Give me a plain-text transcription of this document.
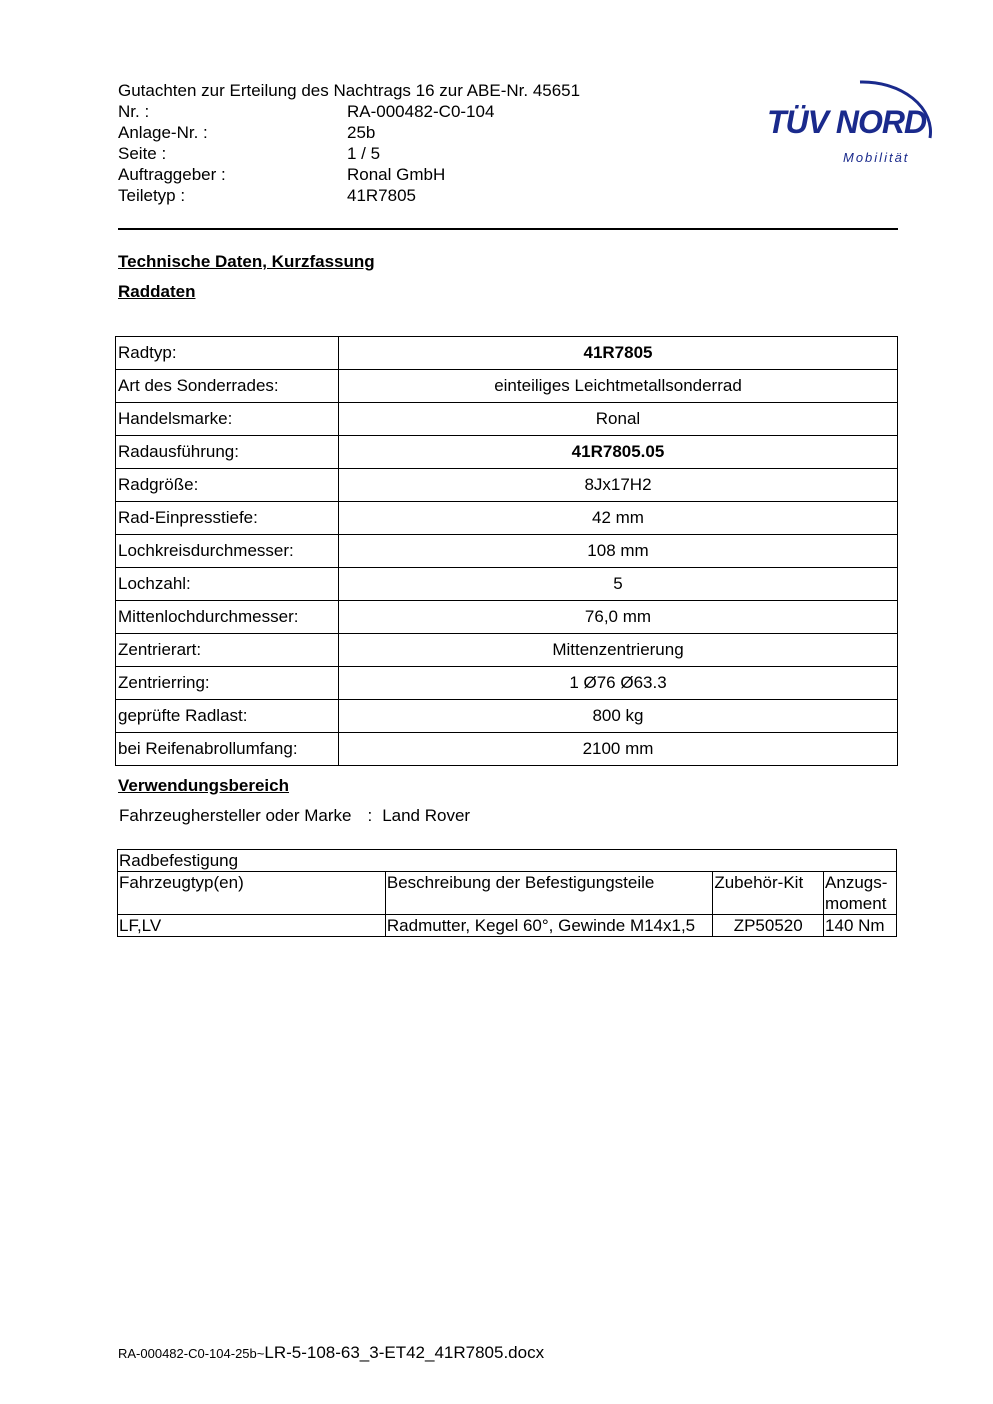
Gutachten zur Erteilung des Nachtrags 16 zur ABE-Nr. 45651
Nr. :	RA-000482-C0-104
Anlage-Nr. :	25b
Seite :	1 / 5
Auftraggeber :	Ronal GmbH
Teiletyp :	41R7805
TÜV NORD
Mobilität
Technische Daten, Kurzfassung
Raddaten
Radtyp:	41R7805
Art des Sonderrades:	einteiliges Leichtmetallsonderrad
Handelsmarke:	Ronal
Radausführung:	41R7805.05
Radgröße:	8Jx17H2
Rad-Einpresstiefe:	42 mm
Lochkreisdurchmesser:	108 mm
Lochzahl:	5
Mittenlochdurchmesser:	76,0 mm
Zentrierart:	Mittenzentrierung
Zentrierring:	1 Ø76 Ø63.3
geprüfte Radlast:	800 kg
bei Reifenabrollumfang:	2100 mm
Verwendungsbereich
Fahrzeughersteller oder Marke : Land Rover
Radbefestigung			
Fahrzeugtyp(en)	Beschreibung der Befestigungsteile	Zubehör-Kit	Anzugs-moment
LF,LV	Radmutter, Kegel 60°, Gewinde M14x1,5	ZP50520	140 Nm
RA-000482-C0-104-25b~LR-5-108-63_3-ET42_41R7805.docx
